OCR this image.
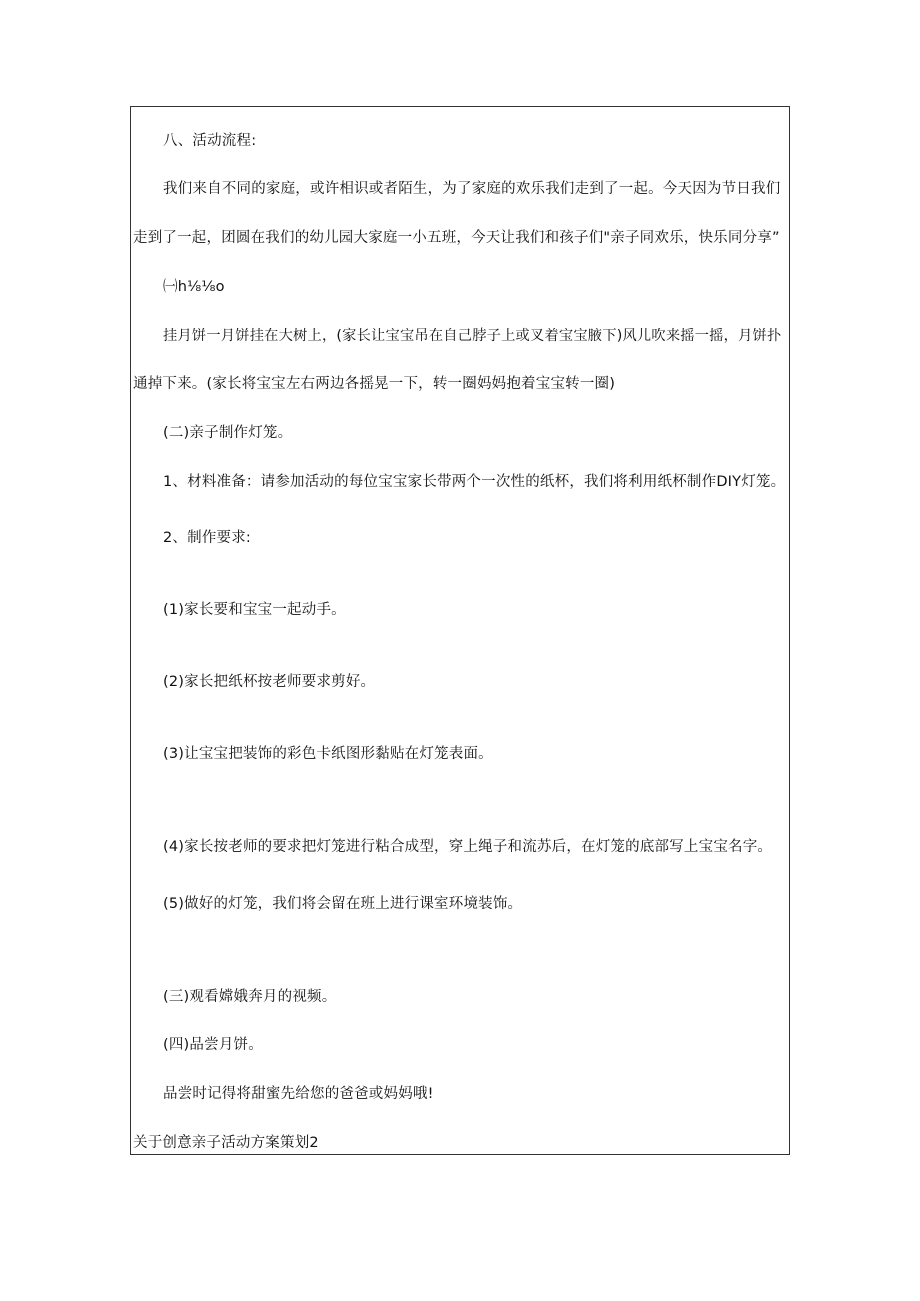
八、活动流程:
我们来自不同的家庭，或许相识或者陌生，为了家庭的欢乐我们走到了一起。今天因为节日我们
走到了一起，团圆在我们的幼儿园大家庭一小五班，今天让我们和孩子们"亲子同欢乐，快乐同分享”
㈠h⅛⅛o
挂月饼一月饼挂在大树上，(家长让宝宝吊在自己脖子上或叉着宝宝腋下)风儿吹来摇一摇，月饼扑
通掉下来。(家长将宝宝左右两边各摇晃一下，转一圈妈妈抱着宝宝转一圈)
(二)亲子制作灯笼。
1、材料准备：请参加活动的每位宝宝家长带两个一次性的纸杯，我们将利用纸杯制作DIY灯笼。
2、制作要求:
(1)家长要和宝宝一起动手。
(2)家长把纸杯按老师要求剪好。
(3)让宝宝把装饰的彩色卡纸图形黏贴在灯笼表面。
(4)家长按老师的要求把灯笼进行粘合成型，穿上绳子和流苏后，在灯笼的底部写上宝宝名字。
(5)做好的灯笼，我们将会留在班上进行课室环境装饰。
(三)观看嫦娥奔月的视频。
(四)品尝月饼。
品尝时记得将甜蜜先给您的爸爸或妈妈哦!
关于创意亲子活动方案策划2
